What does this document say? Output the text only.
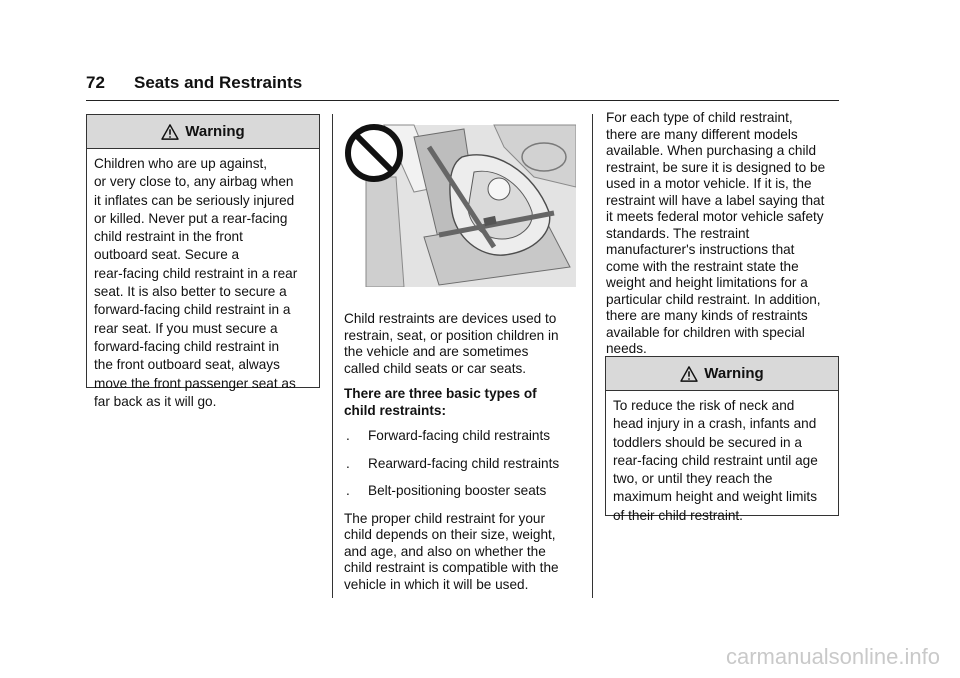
72 Seats and Restraints
Warning
Children who are up against,
or very close to, any airbag when
it inflates can be seriously injured
or killed. Never put a rear-facing
child restraint in the front
outboard seat. Secure a
rear-facing child restraint in a rear
seat. It is also better to secure a
forward-facing child restraint in a
rear seat. If you must secure a
forward-facing child restraint in
the front outboard seat, always
move the front passenger seat as
far back as it will go.
Child restraints are devices used to
restrain, seat, or position children in
the vehicle and are sometimes
called child seats or car seats.
There are three basic types of
child restraints:
. Forward-facing child restraints
. Rearward-facing child restraints
. Belt-positioning booster seats
The proper child restraint for your
child depends on their size, weight,
and age, and also on whether the
child restraint is compatible with the
vehicle in which it will be used.
For each type of child restraint,
there are many different models
available. When purchasing a child
restraint, be sure it is designed to be
used in a motor vehicle. If it is, the
restraint will have a label saying that
it meets federal motor vehicle safety
standards. The restraint
manufacturer's instructions that
come with the restraint state the
weight and height limitations for a
particular child restraint. In addition,
there are many kinds of restraints
available for children with special
needs.
Warning
To reduce the risk of neck and
head injury in a crash, infants and
toddlers should be secured in a
rear-facing child restraint until age
two, or until they reach the
maximum height and weight limits
of their child restraint.
carmanualsonline.info
